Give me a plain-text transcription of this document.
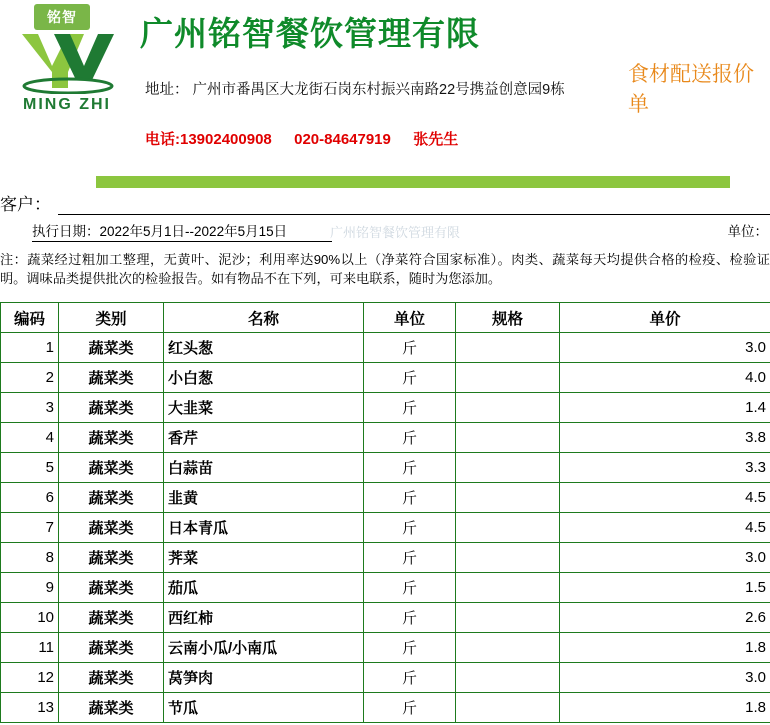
铭智
MING ZHI
广州铭智餐饮管理有限
食材配送报价单
地址： 广州市番禺区大龙街石岗东村振兴南路22号携益创意园9栋
电话:13902400908 020-84647919 张先生
客户：
执行日期：2022年5月1日--2022年5月15日	单位：
广州铭智餐饮管理有限
注：蔬菜经过粗加工整理，无黄叶、泥沙；利用率达90%以上（净菜符合国家标准）。肉类、蔬菜每天均提供合格的检疫、检验证明。调味品类提供批次的检验报告。如有物品不在下列，可来电联系，随时为您添加。
编码	类别	名称	单位	规格	单价
1	蔬菜类	红头葱	斤		3.0
2	蔬菜类	小白葱	斤		4.0
3	蔬菜类	大韭菜	斤		1.4
4	蔬菜类	香芹	斤		3.8
5	蔬菜类	白蒜苗	斤		3.3
6	蔬菜类	韭黄	斤		4.5
7	蔬菜类	日本青瓜	斤		4.5
8	蔬菜类	荠菜	斤		3.0
9	蔬菜类	茄瓜	斤		1.5
10	蔬菜类	西红柿	斤		2.6
11	蔬菜类	云南小瓜/小南瓜	斤		1.8
12	蔬菜类	莴笋肉	斤		3.0
13	蔬菜类	节瓜	斤		1.8
